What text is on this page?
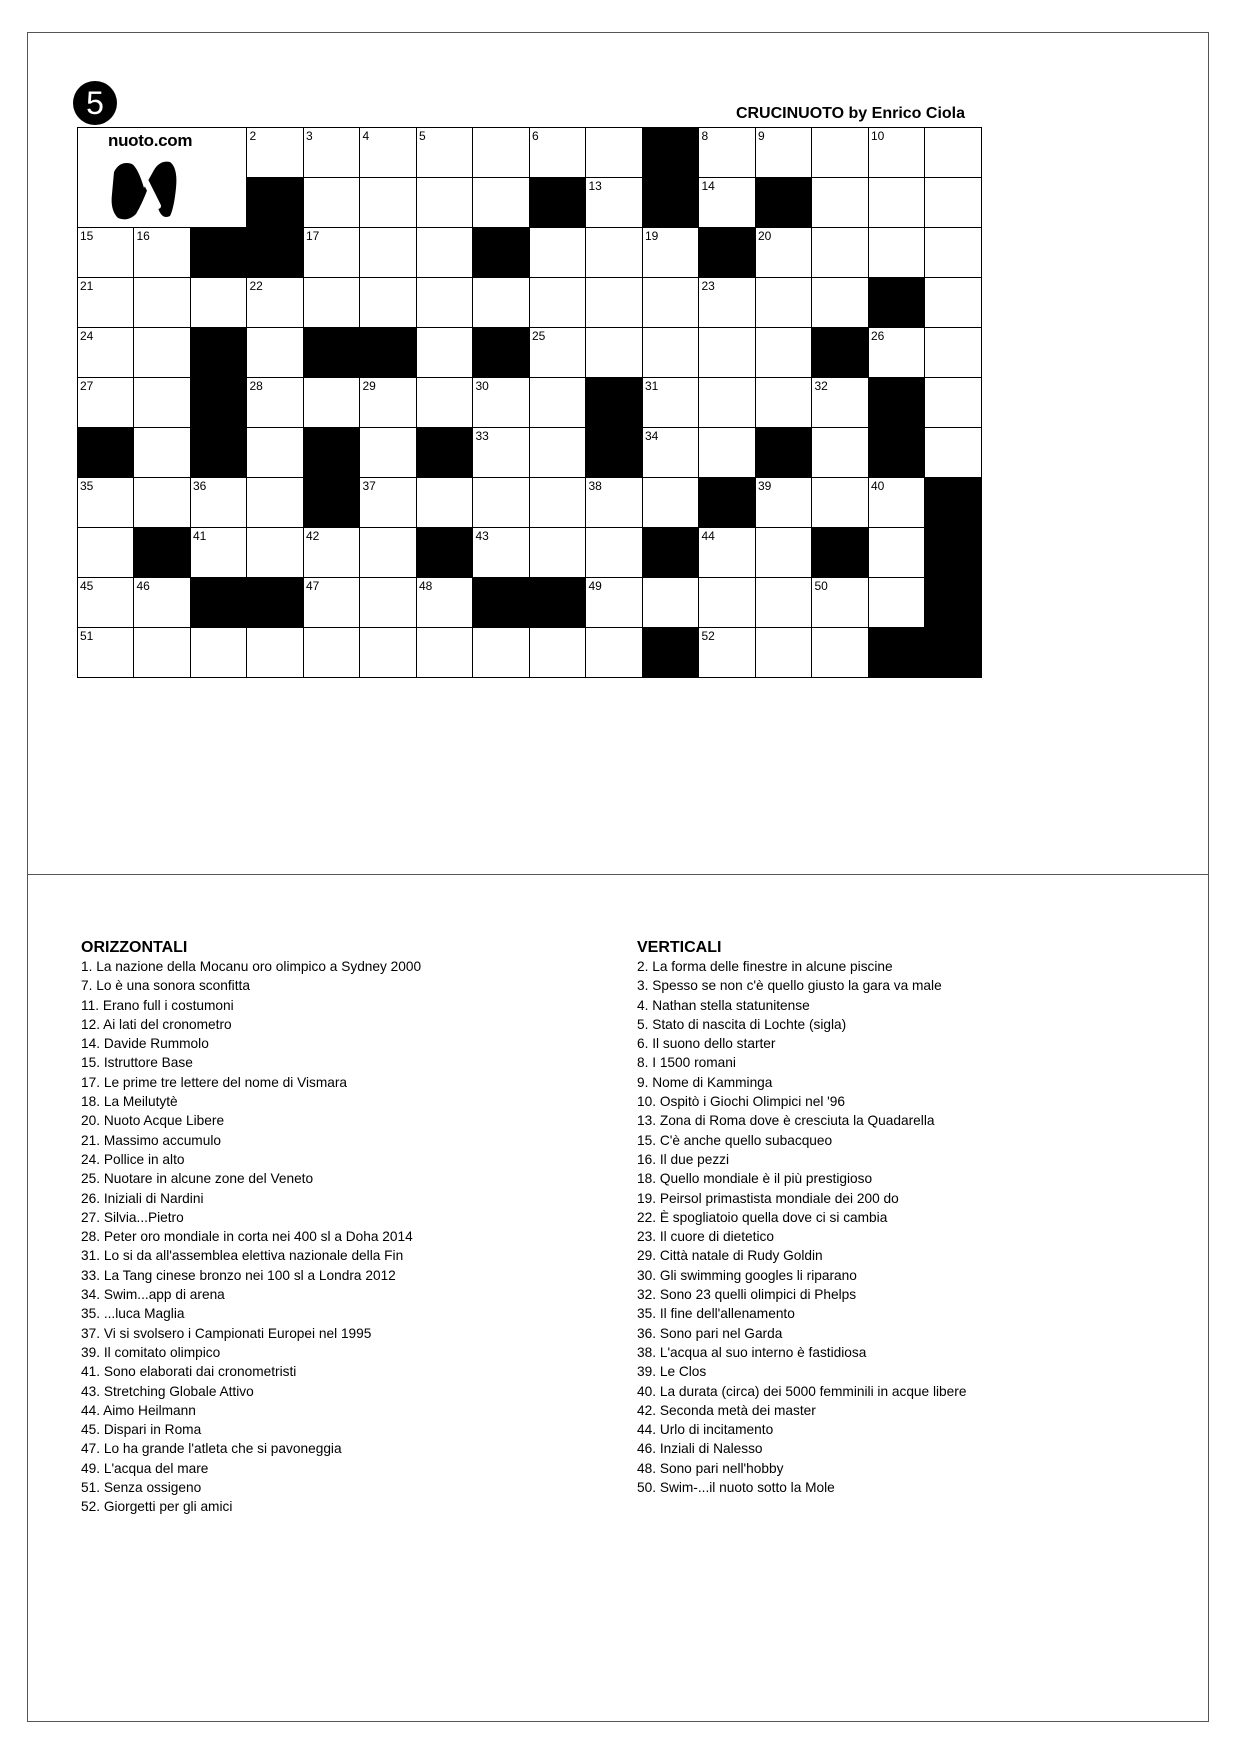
5	CRUCINUOTO by Enrico Ciola
2	3	4	5	6	8	9	10
13	14
15	16	17	19	20
21	22	23
24	25	26
27	28	29	30	31	32
33	34
35	36	37	38	39	40
41	42	43	44
45	46	47	48	49	50
51	52
nuoto.com
ORIZZONTALI
1. La nazione della Mocanu oro olimpico a Sydney 2000
7. Lo è una sonora sconfitta
11. Erano full i costumoni
12. Ai lati del cronometro
14. Davide Rummolo
15. Istruttore Base
17. Le prime tre lettere del nome di Vismara
18. La Meilutytè
20. Nuoto Acque Libere
21. Massimo accumulo
24. Pollice in alto
25. Nuotare in alcune zone del Veneto
26. Iniziali di Nardini
27. Silvia...Pietro
28. Peter oro mondiale in corta nei 400 sl a Doha 2014
31. Lo si da all'assemblea elettiva nazionale della Fin
33. La Tang cinese bronzo nei 100 sl a Londra 2012
34. Swim...app di arena
35. ...luca Maglia
37. Vi si svolsero i Campionati Europei nel 1995
39. Il comitato olimpico
41. Sono elaborati dai cronometristi
43. Stretching Globale Attivo
44. Aimo Heilmann
45. Dispari in Roma
47. Lo ha grande l'atleta che si pavoneggia
49. L'acqua del mare
51. Senza ossigeno
52. Giorgetti per gli amici
VERTICALI
2. La forma delle finestre in alcune piscine
3. Spesso se non c'è quello giusto la gara va male
4. Nathan stella statunitense
5. Stato di nascita di Lochte (sigla)
6. Il suono dello starter
8. I 1500 romani
9. Nome di Kamminga
10. Ospitò i Giochi Olimpici nel '96
13. Zona di Roma dove è cresciuta la Quadarella
15. C'è anche quello subacqueo
16. Il due pezzi
18. Quello mondiale è il più prestigioso
19. Peirsol primastista mondiale dei 200 do
22. È spogliatoio quella dove ci si cambia
23. Il cuore di dietetico
29. Città natale di Rudy Goldin
30. Gli swimming googles li riparano
32. Sono 23 quelli olimpici di Phelps
35. Il fine dell'allenamento
36. Sono pari nel Garda
38. L'acqua al suo interno è fastidiosa
39. Le Clos
40. La durata (circa) dei 5000 femminili in acque libere
42. Seconda metà dei master
44. Urlo di incitamento
46. Inziali di Nalesso
48. Sono pari nell'hobby
50. Swim-...il nuoto sotto la Mole
